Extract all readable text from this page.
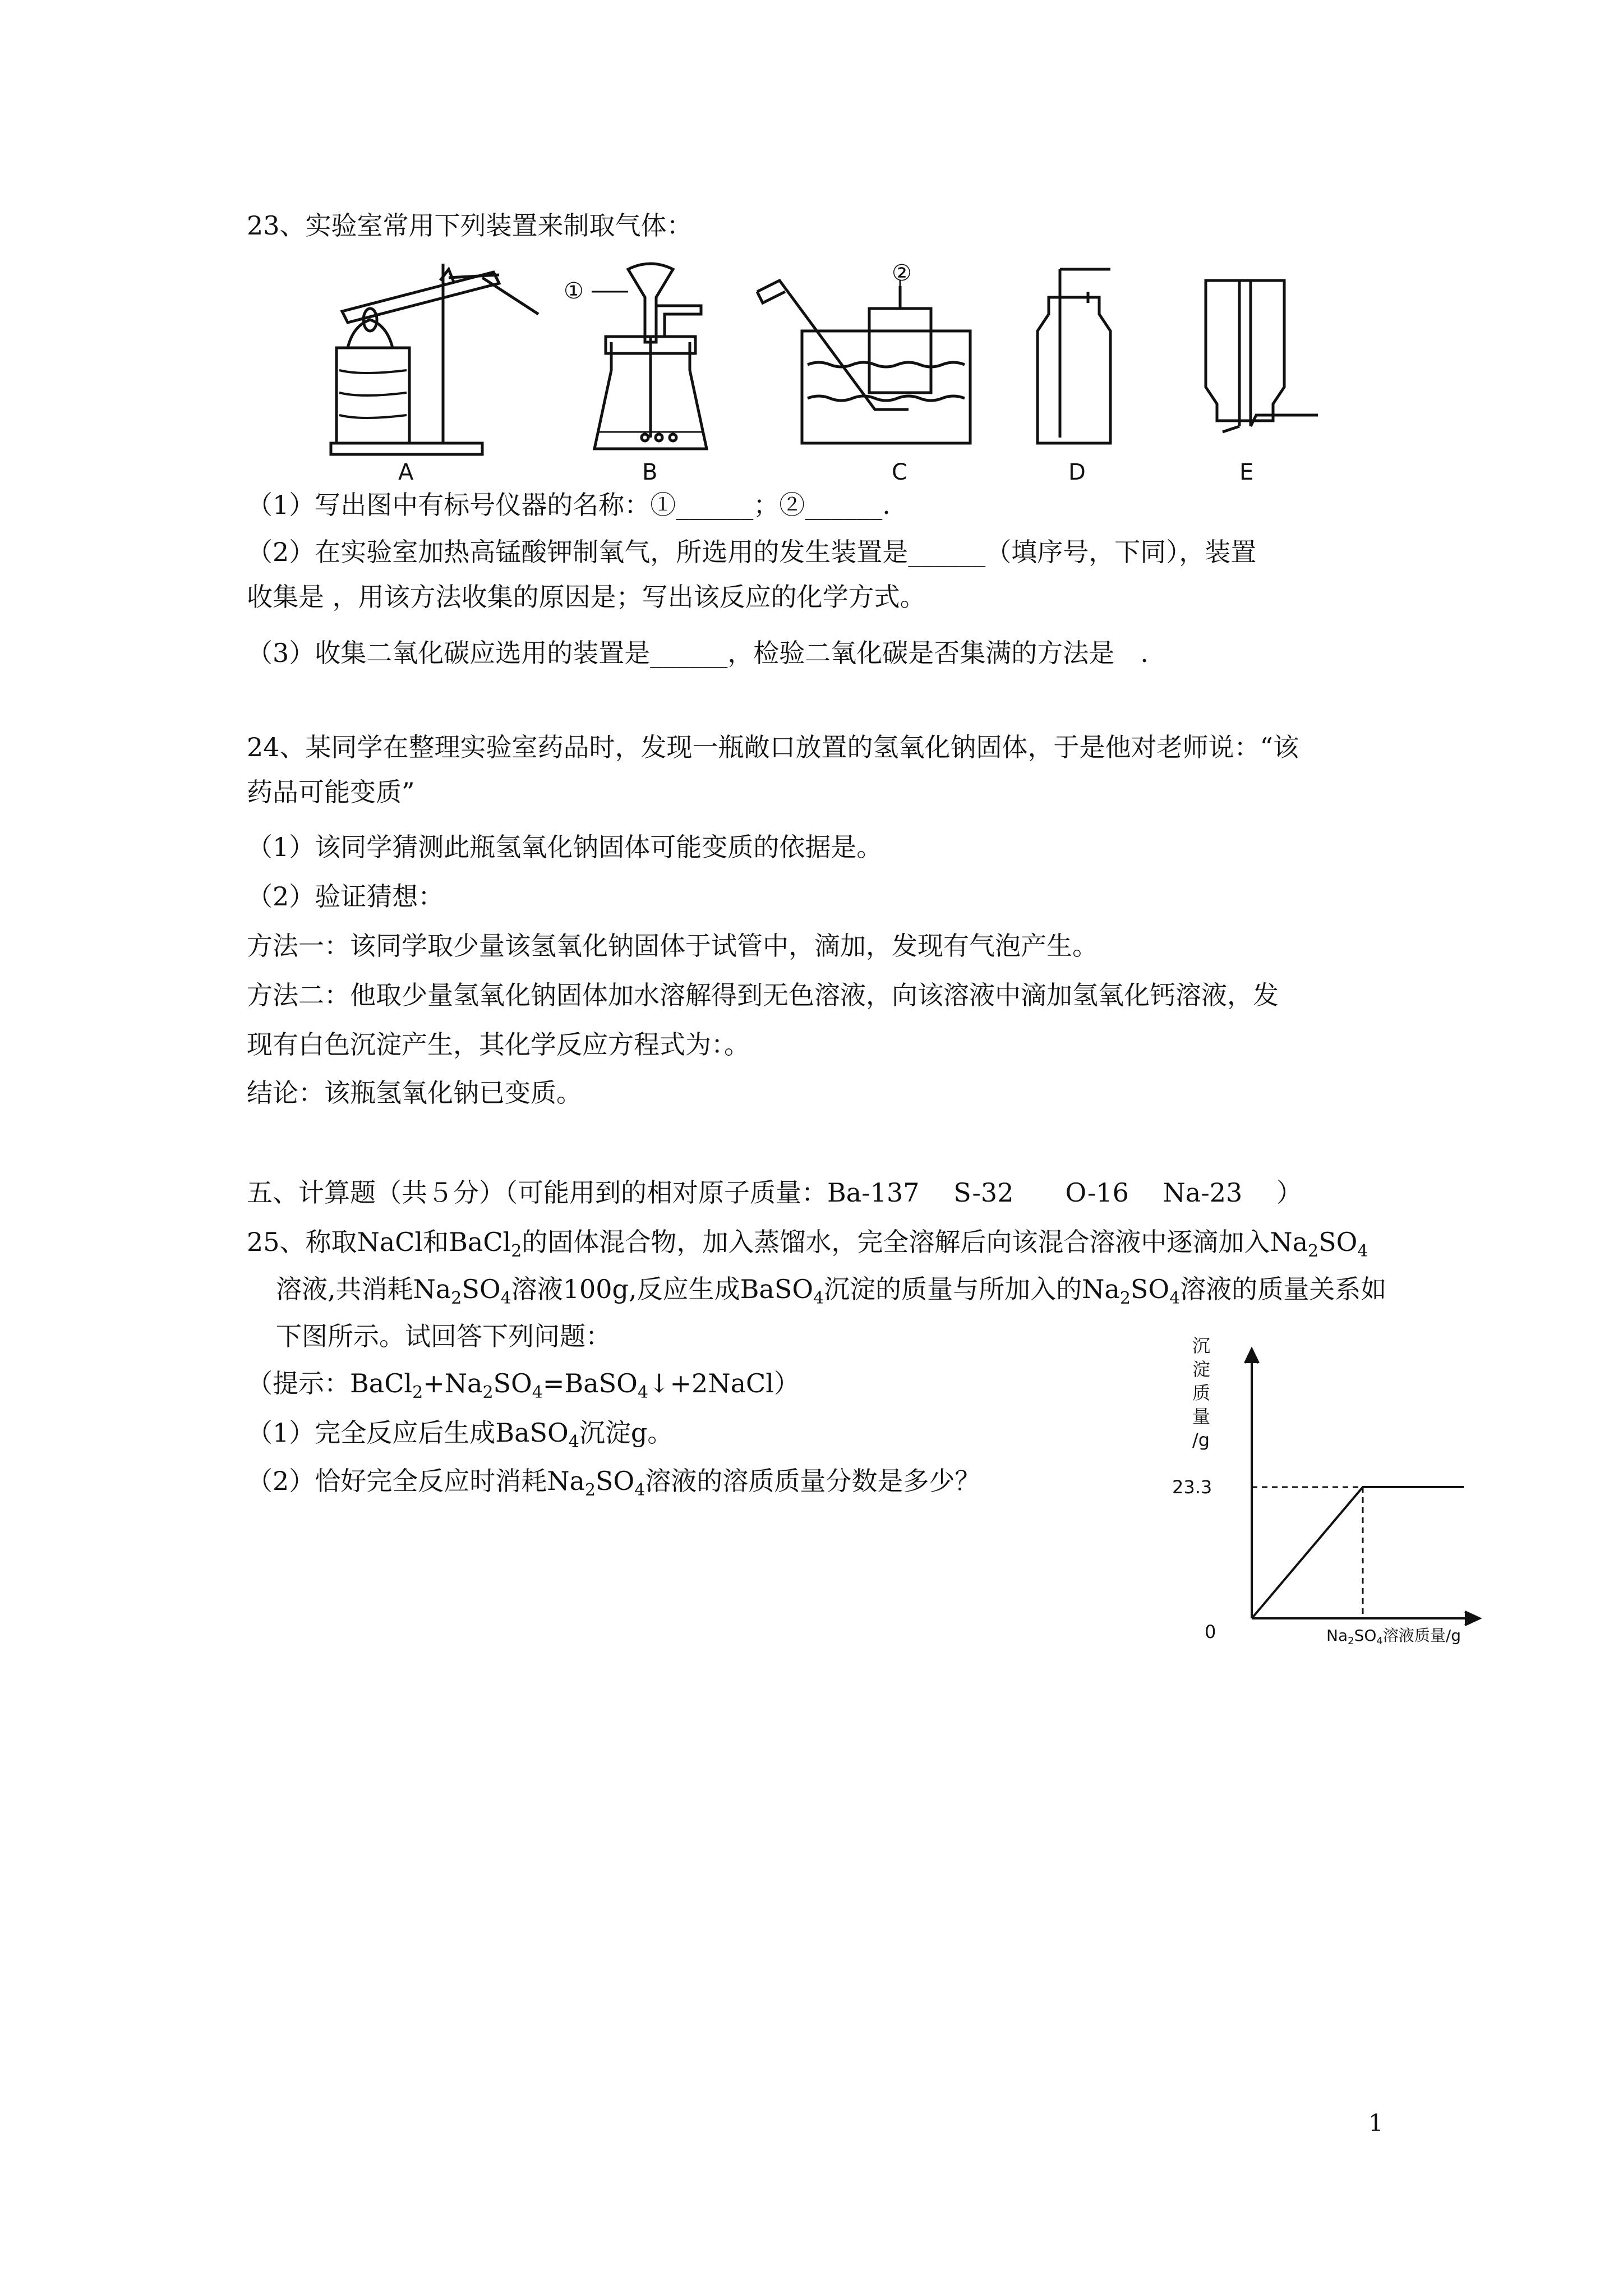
23、实验室常用下列装置来制取气体：
①
②
A	B	C	D	E
（1）写出图中有标号仪器的名称：①______；②______.
（2）在实验室加热高锰酸钾制氧气，所选用的发生装置是______（填序号，下同），装置
收集是 ，用该方法收集的原因是；写出该反应的化学方式。
（3）收集二氧化碳应选用的装置是______，检验二氧化碳是否集满的方法是　.
24、某同学在整理实验室药品时，发现一瓶敞口放置的氢氧化钠固体，于是他对老师说：“该
药品可能变质”
（1）该同学猜测此瓶氢氧化钠固体可能变质的依据是。
（2）验证猜想：
方法一：该同学取少量该氢氧化钠固体于试管中，滴加，发现有气泡产生。
方法二：他取少量氢氧化钠固体加水溶解得到无色溶液，向该溶液中滴加氢氧化钙溶液，发
现有白色沉淀产生，其化学反应方程式为：。
结论：该瓶氢氧化钠已变质。
五、计算题（共５分）（可能用到的相对原子质量：Ba-137　 S-32　　O-16　 Na-23　 ）
25、称取NaCl和BaCl$_2$的固体混合物，加入蒸馏水，完全溶解后向该混合溶液中逐滴加入$Na_2SO_4$
溶液,共消耗$Na_2SO_4$溶液100g,反应生成BaSO$_4$沉淀的质量与所加入的$Na_2SO_4$溶液的质量关系如
下图所示。试回答下列问题：
（提示：$BaCl_2+Na_2SO_4=BaSO_4↓+2NaCl$）
（1）完全反应后生成BaSO$_4$沉淀g。
（2）恰好完全反应时消耗$Na_2SO_4$溶液的溶质质量分数是多少？
沉
淀
质
量
/g
23.3
0	$Na_2SO_4$溶液质量/g
1
